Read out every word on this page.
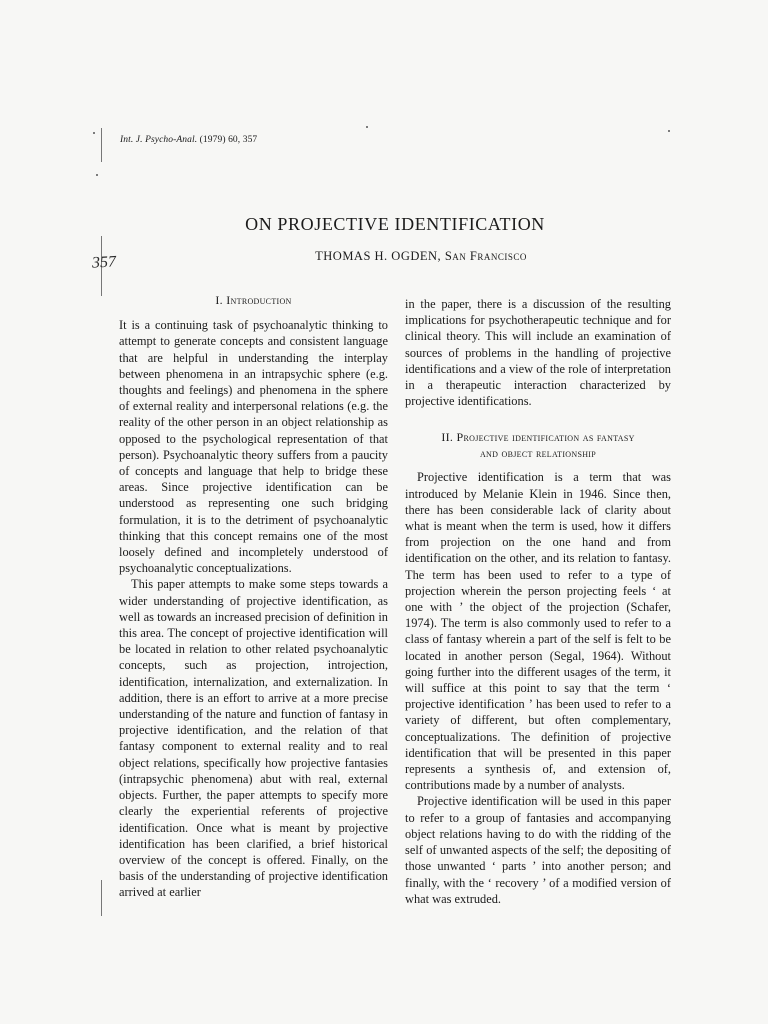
Int. J. Psycho-Anal. (1979) 60, 357
357
ON PROJECTIVE IDENTIFICATION
THOMAS H. OGDEN, San Francisco
I. Introduction

It is a continuing task of psychoanalytic thinking to attempt to generate concepts and consistent language that are helpful in understanding the interplay between phenomena in an intrapsychic sphere (e.g. thoughts and feelings) and phenomena in the sphere of external reality and interpersonal relations (e.g. the reality of the other person in an object relationship as opposed to the psychological representation of that person). Psychoanalytic theory suffers from a paucity of concepts and language that help to bridge these areas. Since projective identification can be understood as representing one such bridging formulation, it is to the detriment of psychoanalytic thinking that this concept remains one of the most loosely defined and incompletely understood of psychoanalytic conceptualizations.

This paper attempts to make some steps towards a wider understanding of projective identification, as well as towards an increased precision of definition in this area. The concept of projective identification will be located in relation to other related psychoanalytic concepts, such as projection, introjection, identification, internalization, and externalization. In addition, there is an effort to arrive at a more precise understanding of the nature and function of fantasy in projective identification, and the relation of that fantasy component to external reality and to real object relations, specifically how projective fantasies (intrapsychic phenomena) abut with real, external objects. Further, the paper attempts to specify more clearly the experiential referents of projective identification. Once what is meant by projective identification has been clarified, a brief historical overview of the concept is offered. Finally, on the basis of the understanding of projective identification arrived at earlier

in the paper, there is a discussion of the resulting implications for psychotherapeutic technique and for clinical theory. This will include an examination of sources of problems in the handling of projective identifications and a view of the role of interpretation in a therapeutic interaction characterized by projective identifications.

II. Projective identification as fantasy
and object relationship

Projective identification is a term that was introduced by Melanie Klein in 1946. Since then, there has been considerable lack of clarity about what is meant when the term is used, how it differs from projection on the one hand and from identification on the other, and its relation to fantasy. The term has been used to refer to a type of projection wherein the person projecting feels ‘ at one with ’ the object of the projection (Schafer, 1974). The term is also commonly used to refer to a class of fantasy wherein a part of the self is felt to be located in another person (Segal, 1964). Without going further into the different usages of the term, it will suffice at this point to say that the term ‘ projective identification ’ has been used to refer to a variety of different, but often complementary, conceptualizations. The definition of projective identification that will be presented in this paper represents a synthesis of, and extension of, contributions made by a number of analysts.

Projective identification will be used in this paper to refer to a group of fantasies and accompanying object relations having to do with the ridding of the self of unwanted aspects of the self; the depositing of those unwanted ‘ parts ’ into another person; and finally, with the ‘ recovery ’ of a modified version of what was extruded.
